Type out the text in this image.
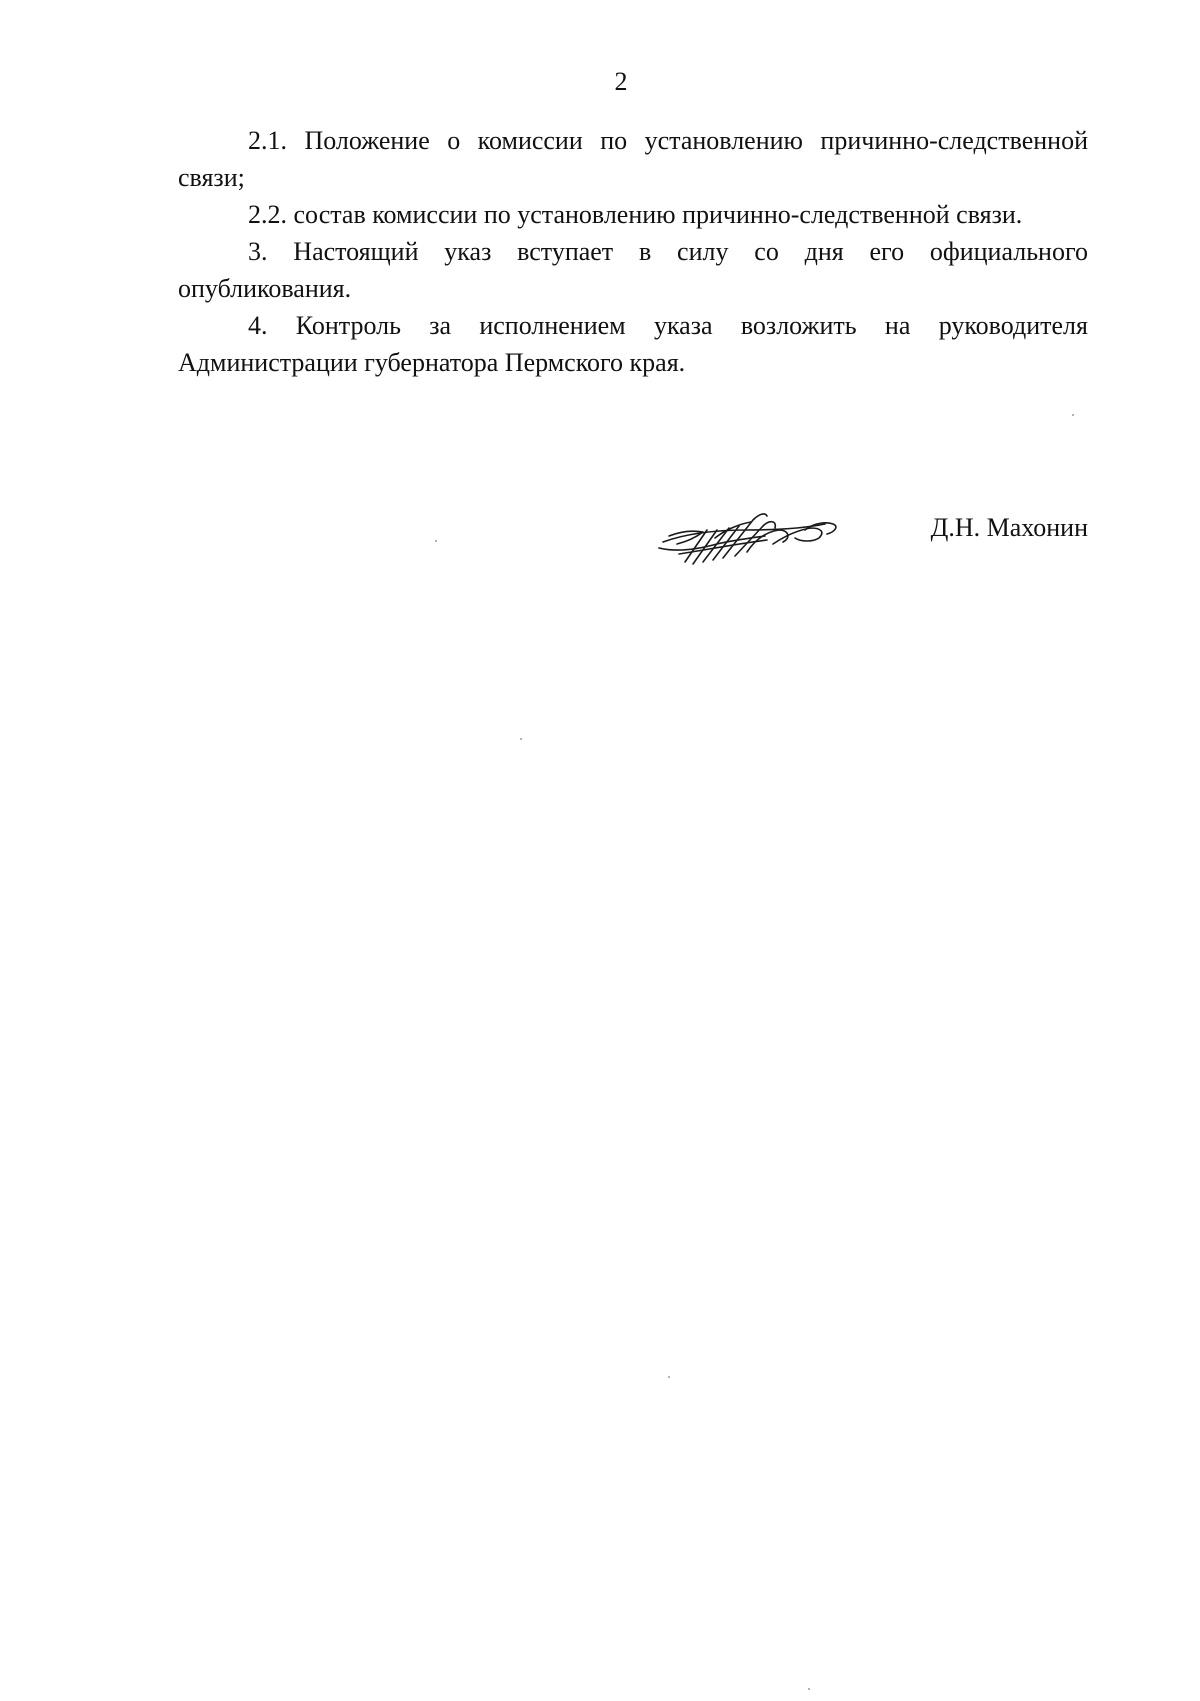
2

2.1. Положение о комиссии по установлению причинно-следственной связи;

2.2. состав комиссии по установлению причинно-следственной связи.

3. Настоящий указ вступает в силу со дня его официального опубликования.

4. Контроль за исполнением указа возложить на руководителя Администрации губернатора Пермского края.

Д.Н. Махонин
